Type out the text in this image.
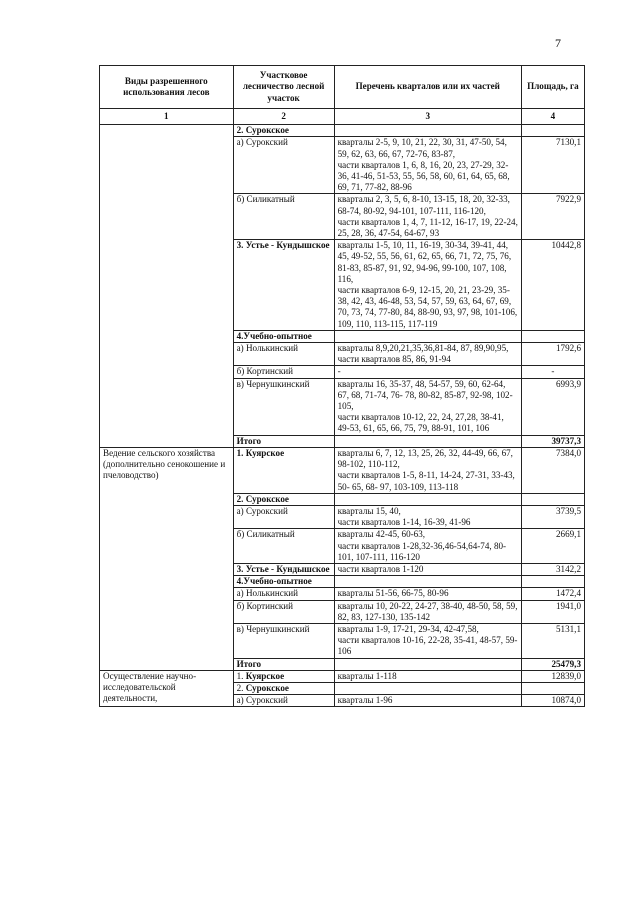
7
Виды разрешенного использования лесов	Участковое лесничество лесной участок	Перечень кварталов или их частей	Площадь, га
1	2	3	4
	2. Сурокское		
	а) Сурокский	кварталы 2-5, 9, 10, 21, 22, 30, 31, 47-50, 54, 59, 62, 63, 66, 67, 72-76, 83-87,
части кварталов 1, 6, 8, 16, 20, 23, 27-29, 32-36, 41-46, 51-53, 55, 56, 58, 60, 61, 64, 65, 68, 69, 71, 77-82, 88-96	7130,1
	б) Силикатный	кварталы 2, 3, 5, 6, 8-10, 13-15, 18, 20, 32-33, 68-74, 80-92, 94-101, 107-111, 116-120,
части кварталов 1, 4, 7, 11-12, 16-17, 19, 22-24, 25, 28, 36, 47-54, 64-67, 93	7922,9
	3. Устье - Кундышское	кварталы 1-5, 10, 11, 16-19, 30-34, 39-41, 44, 45, 49-52, 55, 56, 61, 62, 65, 66, 71, 72, 75, 76, 81-83, 85-87, 91, 92, 94-96, 99-100, 107, 108, 116,
части кварталов 6-9, 12-15, 20, 21, 23-29, 35-38, 42, 43, 46-48, 53, 54, 57, 59, 63, 64, 67, 69, 70, 73, 74, 77-80, 84, 88-90, 93, 97, 98, 101-106, 109, 110, 113-115, 117-119	10442,8
	4.Учебно-опытное		
	а) Нолькинский	кварталы 8,9,20,21,35,36,81-84, 87, 89,90,95,
части кварталов 85, 86, 91-94	1792,6
	б) Кортинский	-	-
	в) Чернушкинский	кварталы 16, 35-37, 48, 54-57, 59, 60, 62-64, 67, 68, 71-74, 76- 78, 80-82, 85-87, 92-98, 102-105,
части кварталов 10-12, 22, 24, 27,28, 38-41, 49-53, 61, 65, 66, 75, 79, 88-91, 101, 106	6993,9
	Итого		39737,3
Ведение сельского хозяйства (дополнительно сенокошение и пчеловодство)	1. Куярское	кварталы 6, 7, 12, 13, 25, 26, 32, 44-49, 66, 67, 98-102, 110-112,
части кварталов 1-5, 8-11, 14-24, 27-31, 33-43, 50- 65, 68- 97, 103-109, 113-118	7384,0
	2. Сурокское		
	а) Сурокский	кварталы 15, 40,
части кварталов 1-14, 16-39, 41-96	3739,5
	б) Силикатный	кварталы 42-45, 60-63,
части кварталов 1-28,32-36,46-54,64-74, 80-101, 107-111, 116-120	2669,1
	3. Устье - Кундышское	части кварталов 1-120	3142,2
	4.Учебно-опытное		
	а) Нолькинский	кварталы 51-56, 66-75, 80-96	1472,4
	б) Кортинский	кварталы 10, 20-22, 24-27, 38-40, 48-50, 58, 59, 82, 83, 127-130, 135-142	1941,0
	в) Чернушкинский	кварталы 1-9, 17-21, 29-34, 42-47,58,
части кварталов 10-16, 22-28, 35-41, 48-57, 59-106	5131,1
	Итого		25479,3
Осуществление научно-исследовательской деятельности,	1. Куярское	кварталы 1-118	12839,0
	2. Сурокское		
	а) Сурокский	кварталы 1-96	10874,0
